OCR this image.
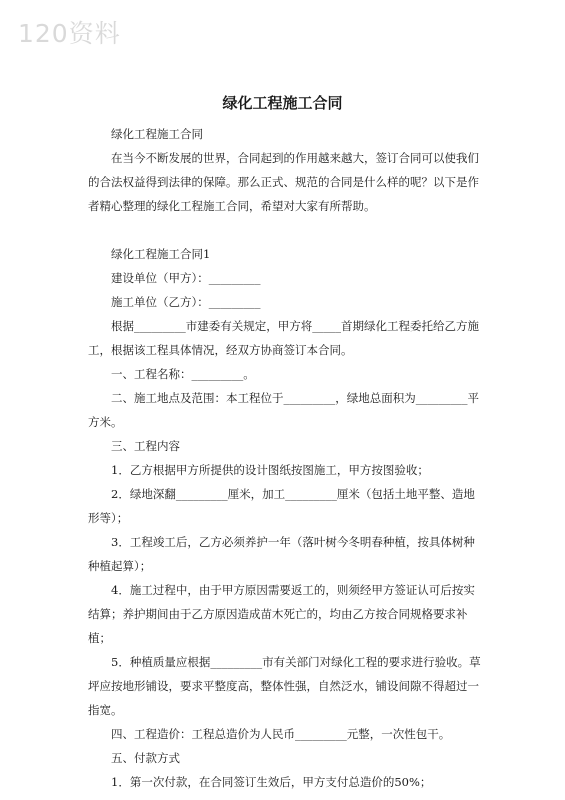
120资料
绿化工程施工合同

绿化工程施工合同

在当今不断发展的世界，合同起到的作用越来越大，签订合同可以使我们的合法权益得到法律的保障。那么正式、规范的合同是什么样的呢？以下是作者精心整理的绿化工程施工合同，希望对大家有所帮助。

绿化工程施工合同1

建设单位（甲方）：_________

施工单位（乙方）：_________

根据_________市建委有关规定，甲方将_____首期绿化工程委托给乙方施工，根据该工程具体情况，经双方协商签订本合同。

一、工程名称：_________。

二、施工地点及范围：本工程位于_________，绿地总面积为_________平方米。

三、工程内容

1．乙方根据甲方所提供的设计图纸按图施工，甲方按图验收；

2．绿地深翻_________厘米，加工_________厘米（包括土地平整、造地形等）；

3．工程竣工后，乙方必须养护一年（落叶树今冬明春种植，按具体树种种植起算）；

4．施工过程中，由于甲方原因需要返工的，则须经甲方签证认可后按实结算；养护期间由于乙方原因造成苗木死亡的，均由乙方按合同规格要求补植；

5．种植质量应根据_________市有关部门对绿化工程的要求进行验收。草坪应按地形铺设，要求平整度高，整体性强，自然泛水，铺设间隙不得超过一指宽。

四、工程造价：工程总造价为人民币_________元整，一次性包干。

五、付款方式

1．第一次付款，在合同签订生效后，甲方支付总造价的50%；
